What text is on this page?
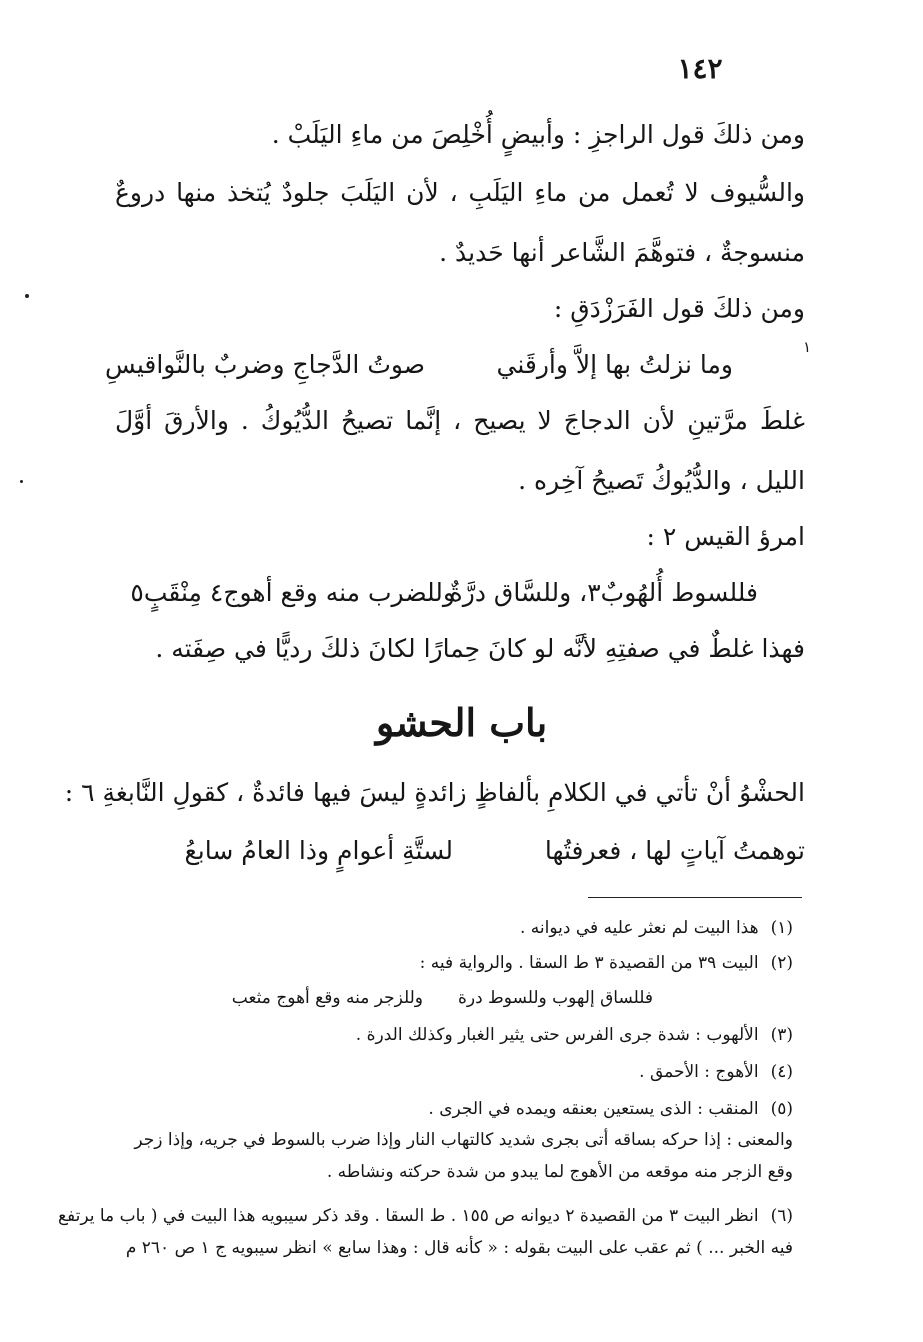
١٤٢
ومن ذلكَ قول الراجزِ : وأبيضٍ أُخْلِصَ من ماءِ اليَلَبْ .
والسُّيوف لا تُعمل من ماءِ اليَلَبِ ، لأن اليَلَبَ جلودٌ يُتخذ منها دروعٌ
منسوجةٌ ، فتوهَّمَ الشَّاعر أنها حَديدٌ .
ومن ذلكَ قول الفَرَزْدَقِ :
وما نزلتُ بها إلاَّ وأرقَني
صوتُ الدَّجاجِ وضربٌ بالنَّواقيسِ
١
غلطَ مرَّتينِ لأن الدجاجَ لا يصيح ، إنَّما تصيحُ الدُّيُوكُ . والأرقَ أوَّلَ
الليل ، والدُّيُوكُ تَصيحُ آخِره .
امرؤ القيس ٢ :
فللسوط أُلهُوبٌ٣، وللسَّاق درَّةٌ
وللضرب منه وقع أهوج٤ مِنْقَبٍ٥
فهذا غلطٌ في صفتِهِ لأنَّه لو كانَ حِمارًا لكانَ ذلكَ رديًّا في صِفَته .
باب الحشو
الحشْوُ أنْ تأتي في الكلامِ بألفاظٍ زائدةٍ ليسَ فيها فائدةٌ ، كقولِ النَّابغةِ ٦ :
توهمتُ آياتٍ لها ، فعرفتُها
لستَّةِ أعوامٍ وذا العامُ سابعُ
(١)هذا البيت لم نعثر عليه في ديوانه .
(٢)البيت ٣٩ من القصيدة ٣ ط السقا . والرواية فيه :
فللساق إلهوب وللسوط درة
وللزجر منه وقع أهوج مثعب
(٣)الألهوب : شدة جرى الفرس حتى يثير الغبار وكذلك الدرة .
(٤)الأهوج : الأحمق .
(٥)المنقب : الذى يستعين بعنقه ويمده في الجرى .
والمعنى : إذا حركه بساقه أتى بجرى شديد كالتهاب النار وإذا ضرب بالسوط في جريه، وإذا زجر
وقع الزجر منه موقعه من الأهوج لما يبدو من شدة حركته ونشاطه .
(٦)انظر البيت ٣ من القصيدة ٢ ديوانه ص ١٥٥ . ط السقا . وقد ذكر سيبويه هذا البيت في ( باب ما يرتفع
فيه الخبر ... ) ثم عقب على البيت بقوله : « كأنه قال : وهذا سابع » انظر سيبويه ج ١ ص ٢٦٠ م
